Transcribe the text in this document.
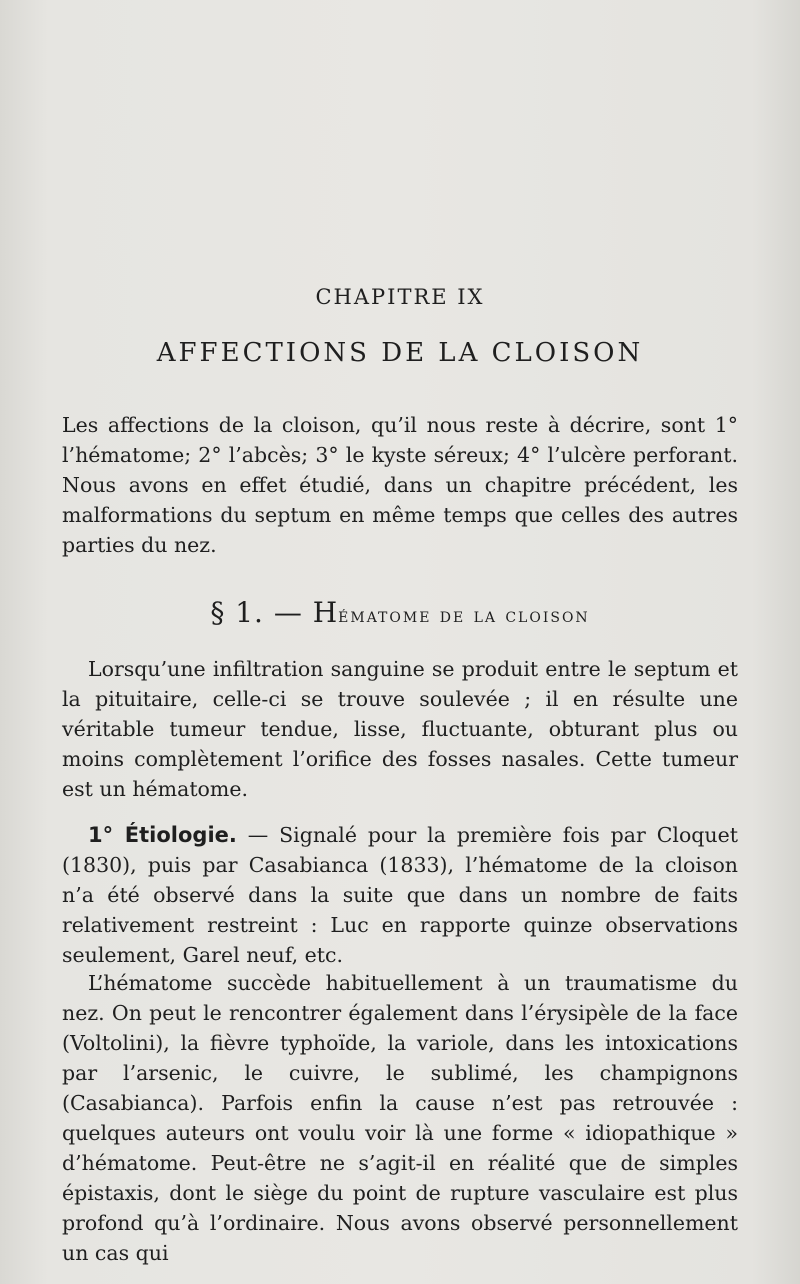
CHAPITRE IX
AFFECTIONS DE LA CLOISON
Les affections de la cloison, qu’il nous reste à décrire, sont 1° l’hématome; 2° l’abcès; 3° le kyste séreux; 4° l’ulcère perforant. Nous avons en effet étudié, dans un chapitre précédent, les malformations du septum en même temps que celles des autres parties du nez.
§ 1. — Hématome de la cloison
Lorsqu’une infiltration sanguine se produit entre le septum et la pituitaire, celle-ci se trouve soulevée ; il en résulte une véritable tumeur tendue, lisse, fluctuante, obturant plus ou moins complètement l’orifice des fosses nasales. Cette tumeur est un hématome.
1° Étiologie. — Signalé pour la première fois par Cloquet (1830), puis par Casabianca (1833), l’hématome de la cloison n’a été observé dans la suite que dans un nombre de faits relativement restreint : Luc en rapporte quinze observations seulement, Garel neuf, etc.
L’hématome succède habituellement à un traumatisme du nez. On peut le rencontrer également dans l’érysipèle de la face (Voltolini), la fièvre typhoïde, la variole, dans les intoxications par l’arsenic, le cuivre, le sublimé, les champignons (Casabianca). Parfois enfin la cause n’est pas retrouvée : quelques auteurs ont voulu voir là une forme « idiopathique » d’hématome. Peut-être ne s’agit-il en réalité que de simples épistaxis, dont le siège du point de rupture vasculaire est plus profond qu’à l’ordinaire. Nous avons observé personnellement un cas qui
